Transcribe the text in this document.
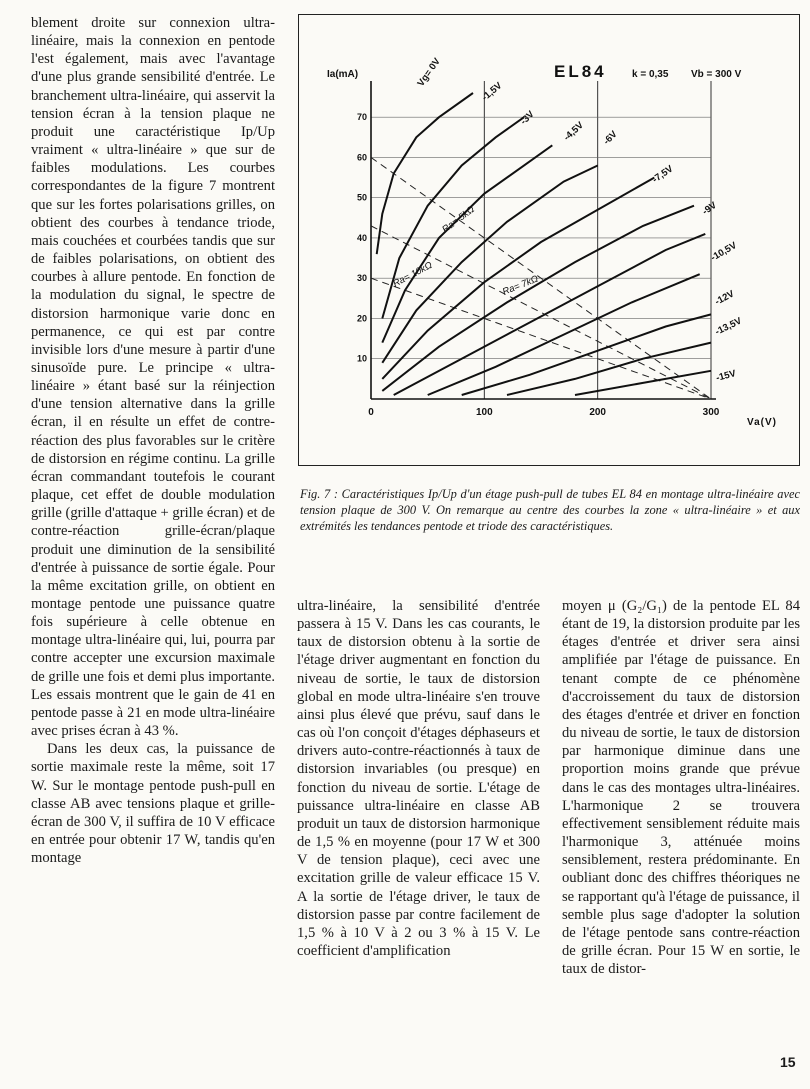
blement droite sur connexion ultra-linéaire, mais la connexion en pentode l'est également, mais avec l'avantage d'une plus grande sensibilité d'entrée. Le branchement ultra-linéaire, qui asservit la tension écran à la tension plaque ne produit une caractéristique Ip/Up vraiment « ultra-linéaire » que sur de faibles modulations. Les courbes correspondantes de la figure 7 montrent que sur les fortes polarisations grilles, on obtient des courbes à tendance triode, mais couchées et courbées tandis que sur de faibles polarisations, on obtient des courbes à allure pentode. En fonction de la modulation du signal, le spectre de distorsion harmonique varie donc en permanence, ce qui est par contre invisible lors d'une mesure à partir d'une sinusoïde pure. Le principe « ultra-linéaire » étant basé sur la réinjection d'une tension alternative dans la grille écran, il en résulte un effet de contre-réaction des plus favorables sur le critère de distorsion en régime continu. La grille écran commandant toutefois le courant plaque, cet effet de double modulation grille (grille d'attaque + grille écran) et de contre-réaction grille-écran/plaque produit une diminution de la sensibilité d'entrée à puissance de sortie égale. Pour la même excitation grille, on obtient en montage pentode une puissance quatre fois supérieure à celle obtenue en montage ultra-linéaire qui, lui, pourra par contre accepter une excursion maximale de grille une fois et demi plus importante. Les essais montrent que le gain de 41 en pentode passe à 21 en mode ultra-linéaire avec prises écran à 43 %.

Dans les deux cas, la puissance de sortie maximale reste la même, soit 17 W. Sur le montage pentode push-pull en classe AB avec tensions plaque et grille-écran de 300 V, il suffira de 10 V efficace en entrée pour obtenir 17 W, tandis qu'en montage

10
20
30
40
50
60
70
0	100	200	300
Ia(mA)
Va(V)
EL84	k = 0,35 Vb = 300 V
Ra= 5kΩ
Ra= 10kΩ	Ra= 7kΩ
Vg= 0V
-1,5V
-3V
-4,5V -6V
-7,5V
-9V
-10,5V
-12V
-13,5V
-15V
Fig. 7 : Caractéristiques Ip/Up d'un étage push-pull de tubes EL 84 en montage ultra-linéaire avec tension plaque de 300 V. On remarque au centre des courbes la zone « ultra-linéaire » et aux extrémités les tendances pentode et triode des caractéristiques.

ultra-linéaire, la sensibilité d'entrée passera à 15 V. Dans les cas courants, le taux de distorsion obtenu à la sortie de l'étage driver augmentant en fonction du niveau de sortie, le taux de distorsion global en mode ultra-linéaire s'en trouve ainsi plus élevé que prévu, sauf dans le cas où l'on conçoit d'étages déphaseurs et drivers auto-contre-réactionnés à taux de distorsion invariables (ou presque) en fonction du niveau de sortie. L'étage de puissance ultra-linéaire en classe AB produit un taux de distorsion harmonique de 1,5 % en moyenne (pour 17 W et 300 V de tension plaque), ceci avec une excitation grille de valeur efficace 15 V. A la sortie de l'étage driver, le taux de distorsion passe par contre facilement de 1,5 % à 10 V à 2 ou 3 % à 15 V. Le coefficient d'amplification

moyen μ (G₂/G₁) de la pentode EL 84 étant de 19, la distorsion produite par les étages d'entrée et driver sera ainsi amplifiée par l'étage de puissance. En tenant compte de ce phénomène d'accroissement du taux de distorsion des étages d'entrée et driver en fonction du niveau de sortie, le taux de distorsion par harmonique diminue dans une proportion moins grande que prévue dans le cas des montages ultra-linéaires. L'harmonique 2 se trouvera effectivement sensiblement réduite mais l'harmonique 3, atténuée moins sensiblement, restera prédominante. En oubliant donc des chiffres théoriques ne se rapportant qu'à l'étage de puissance, il semble plus sage d'adopter la solution de l'étage pentode sans contre-réaction de grille écran. Pour 15 W en sortie, le taux de distor-

15
